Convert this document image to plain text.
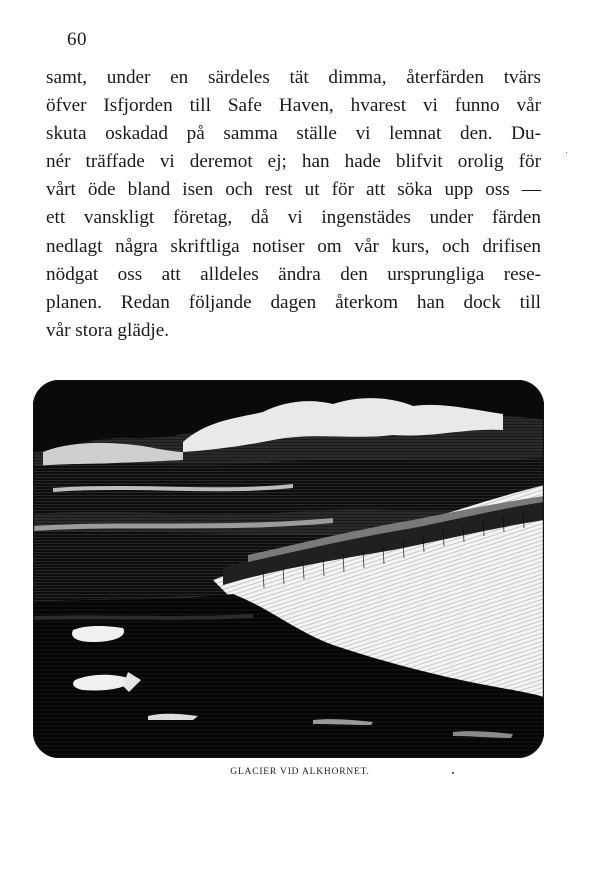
60
samt, under en särdeles tät dimma, återfärden tvärs
öfver Isfjorden till Safe Haven, hvarest vi funno vår
skuta oskadad på samma ställe vi lemnat den. Du-
nér träffade vi deremot ej; han hade blifvit orolig för
vårt öde bland isen och rest ut för att söka upp oss —
ett vanskligt företag, då vi ingenstädes under färden
nedlagt några skriftliga notiser om vår kurs, och drifisen
nödgat oss att alldeles ändra den ursprungliga rese-
planen. Redan följande dagen återkom han dock till
vår stora glädje.
GLACIER VID ALKHORNET.
